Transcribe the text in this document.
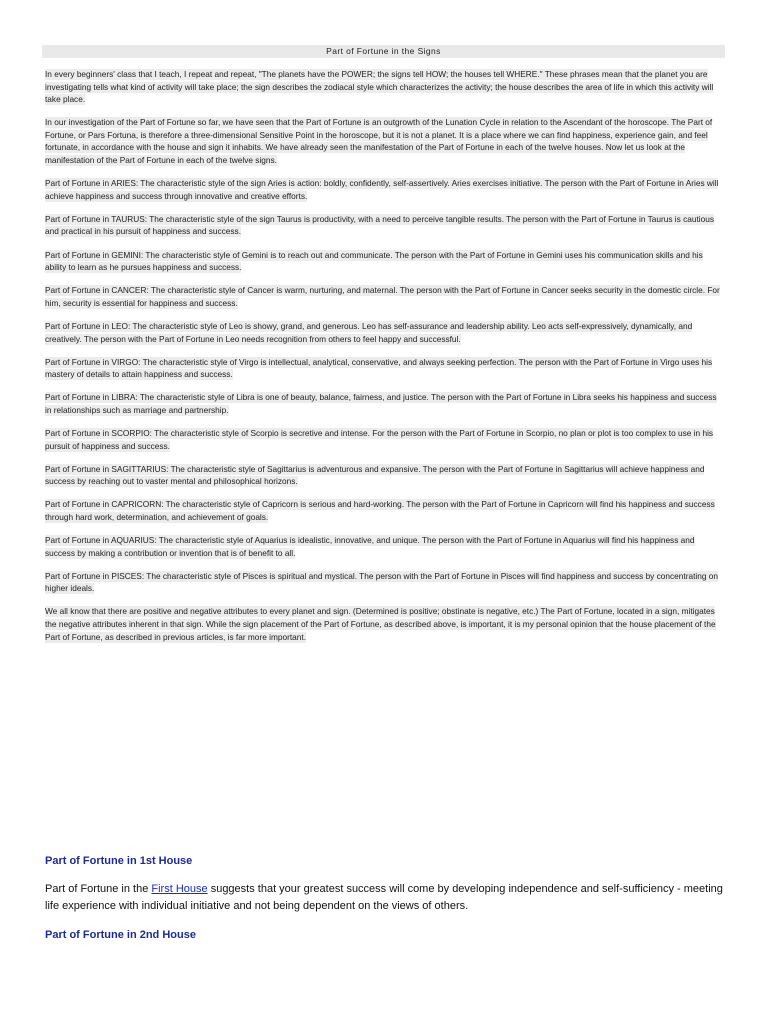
Part of Fortune in the Signs

In every beginners' class that I teach, I repeat and repeat, "The planets have the POWER; the signs tell HOW; the houses tell WHERE." These phrases mean that the planet you are investigating tells what kind of activity will take place; the sign describes the zodiacal style which characterizes the activity; the house describes the area of life in which this activity will take place.

In our investigation of the Part of Fortune so far, we have seen that the Part of Fortune is an outgrowth of the Lunation Cycle in relation to the Ascendant of the horoscope. The Part of Fortune, or Pars Fortuna, is therefore a three-dimensional Sensitive Point in the horoscope, but it is not a planet. It is a place where we can find happiness, experience gain, and feel fortunate, in accordance with the house and sign it inhabits. We have already seen the manifestation of the Part of Fortune in each of the twelve houses. Now let us look at the manifestation of the Part of Fortune in each of the twelve signs.

Part of Fortune in ARIES: The characteristic style of the sign Aries is action: boldly, confidently, self-assertively. Aries exercises initiative. The person with the Part of Fortune in Aries will achieve happiness and success through innovative and creative efforts.

Part of Fortune in TAURUS: The characteristic style of the sign Taurus is productivity, with a need to perceive tangible results. The person with the Part of Fortune in Taurus is cautious and practical in his pursuit of happiness and success.

Part of Fortune in GEMINI: The characteristic style of Gemini is to reach out and communicate. The person with the Part of Fortune in Gemini uses his communication skills and his ability to learn as he pursues happiness and success.

Part of Fortune in CANCER: The characteristic style of Cancer is warm, nurturing, and maternal. The person with the Part of Fortune in Cancer seeks security in the domestic circle. For him, security is essential for happiness and success.

Part of Fortune in LEO: The characteristic style of Leo is showy, grand, and generous. Leo has self-assurance and leadership ability. Leo acts self-expressively, dynamically, and creatively. The person with the Part of Fortune in Leo needs recognition from others to feel happy and successful.

Part of Fortune in VIRGO: The characteristic style of Virgo is intellectual, analytical, conservative, and always seeking perfection. The person with the Part of Fortune in Virgo uses his mastery of details to attain happiness and success.

Part of Fortune in LIBRA: The characteristic style of Libra is one of beauty, balance, fairness, and justice. The person with the Part of Fortune in Libra seeks his happiness and success in relationships such as marriage and partnership.

Part of Fortune in SCORPIO: The characteristic style of Scorpio is secretive and intense. For the person with the Part of Fortune in Scorpio, no plan or plot is too complex to use in his pursuit of happiness and success.

Part of Fortune in SAGITTARIUS: The characteristic style of Sagittarius is adventurous and expansive. The person with the Part of Fortune in Sagittarius will achieve happiness and success by reaching out to vaster mental and philosophical horizons.

Part of Fortune in CAPRICORN: The characteristic style of Capricorn is serious and hard-working. The person with the Part of Fortune in Capricorn will find his happiness and success through hard work, determination, and achievement of goals.

Part of Fortune in AQUARIUS: The characteristic style of Aquarius is idealistic, innovative, and unique. The person with the Part of Fortune in Aquarius will find his happiness and success by making a contribution or invention that is of benefit to all.

Part of Fortune in PISCES: The characteristic style of Pisces is spiritual and mystical. The person with the Part of Fortune in Pisces will find happiness and success by concentrating on higher ideals.

We all know that there are positive and negative attributes to every planet and sign. (Determined is positive; obstinate is negative, etc.) The Part of Fortune, located in a sign, mitigates the negative attributes inherent in that sign. While the sign placement of the Part of Fortune, as described above, is important, it is my personal opinion that the house placement of the Part of Fortune, as described in previous articles, is far more important.

Part of Fortune in 1st House

Part of Fortune in the First House suggests that your greatest success will come by developing independence and self-sufficiency - meeting life experience with individual initiative and not being dependent on the views of others.

Part of Fortune in 2nd House
